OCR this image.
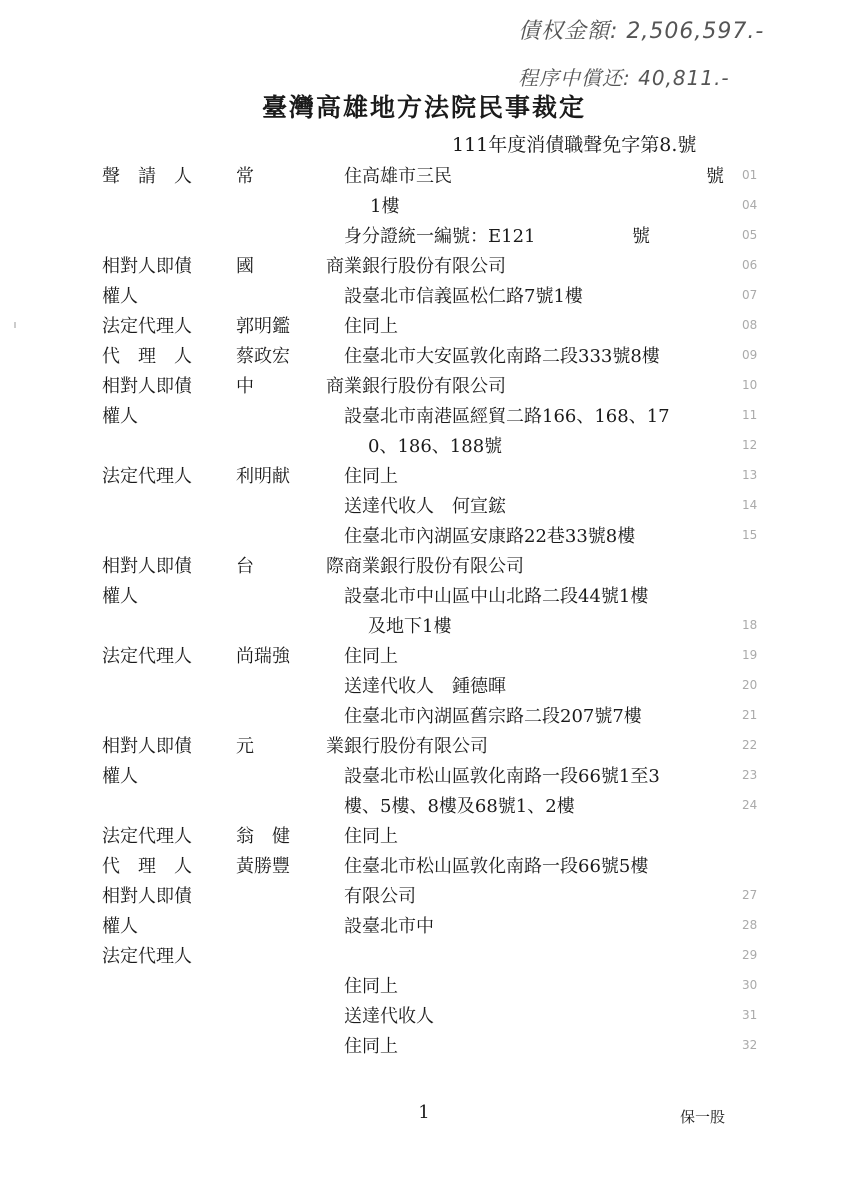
債权金額: 2,506,597.-
程序中償还: 40,811.-
臺灣高雄地方法院民事裁定
111年度消債職聲免字第8.號
聲　請　人 常	住高雄市三民	號 01
1樓	04
身分證統一編號：E121	號	05
相對人即債 國	商業銀行股份有限公司	06
權人	設臺北市信義區松仁路7號1樓	07
法定代理人 郭明鑑	住同上	08
代　理　人 蔡政宏	住臺北市大安區敦化南路二段333號8樓	09
相對人即債 中	商業銀行股份有限公司	10
權人	設臺北市南港區經貿二路166、168、17	11
0、186、188號	12
法定代理人 利明献	住同上	13
送達代收人　何宣鋐	14
住臺北市內湖區安康路22巷33號8樓	15
相對人即債 台	際商業銀行股份有限公司
權人	設臺北市中山區中山北路二段44號1樓
及地下1樓	18
法定代理人 尚瑞強	住同上	19
送達代收人　鍾德暉	20
住臺北市內湖區舊宗路二段207號7樓	21
相對人即債 元	業銀行股份有限公司	22
權人	設臺北市松山區敦化南路一段66號1至3	23
樓、5樓、8樓及68號1、2樓	24
法定代理人 翁　健	住同上
代　理　人 黃勝豐	住臺北市松山區敦化南路一段66號5樓
相對人即債	有限公司	27
權人	設臺北市中	28
法定代理人	29
住同上	30
送達代收人	31
住同上	32
1	保一股
